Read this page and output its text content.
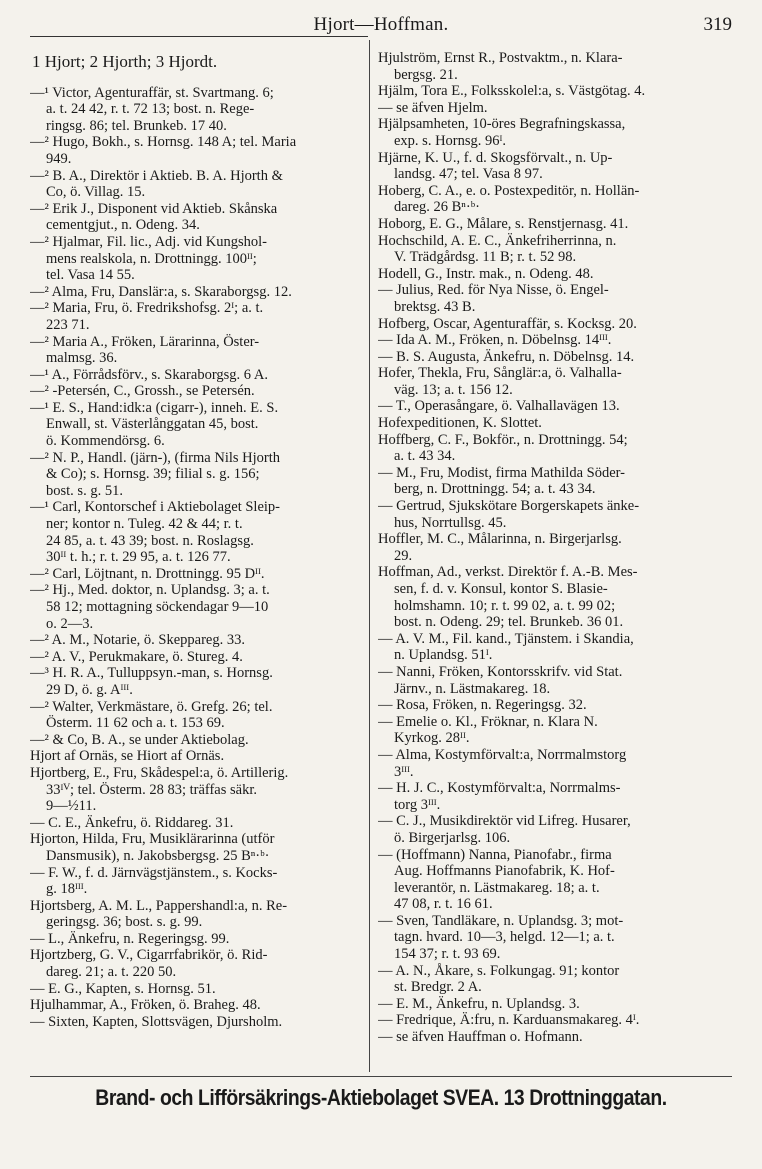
Hjort—Hoffman.	319
1 Hjort; 2 Hjorth; 3 Hjordt.
—¹ Victor, Agenturaffär, st. Svartmang. 6;
a. t. 24 42, r. t. 72 13; bost. n. Rege-
ringsg. 86; tel. Brunkeb. 17 40.
—² Hugo, Bokh., s. Hornsg. 148 A; tel. Maria
949.
—² B. A., Direktör i Aktieb. B. A. Hjorth &
Co, ö. Villag. 15.
—² Erik J., Disponent vid Aktieb. Skånska
cementgjut., n. Odeng. 34.
—² Hjalmar, Fil. lic., Adj. vid Kungshol-
mens realskola, n. Drottningg. 100ᴵᴵ;
tel. Vasa 14 55.
—² Alma, Fru, Danslär:a, s. Skaraborgsg. 12.
—² Maria, Fru, ö. Fredrikshofsg. 2ᴵ; a. t.
223 71.
—² Maria A., Fröken, Lärarinna, Öster-
malmsg. 36.
—¹ A., Förrådsförv., s. Skaraborgsg. 6 A.
—² -Petersén, C., Grossh., se Petersén.
—¹ E. S., Hand:idk:a (cigarr-), inneh. E. S.
Enwall, st. Västerlånggatan 45, bost.
ö. Kommendörsg. 6.
—² N. P., Handl. (järn-), (firma Nils Hjorth
& Co); s. Hornsg. 39; filial s. g. 156;
bost. s. g. 51.
—¹ Carl, Kontorschef i Aktiebolaget Sleip-
ner; kontor n. Tuleg. 42 & 44; r. t.
24 85, a. t. 43 39; bost. n. Roslagsg.
30ᴵᴵ t. h.; r. t. 29 95, a. t. 126 77.
—² Carl, Löjtnant, n. Drottningg. 95 Dᴵᴵ.
—² Hj., Med. doktor, n. Uplandsg. 3; a. t.
58 12; mottagning söckendagar 9—10
o. 2—3.
—² A. M., Notarie, ö. Skeppareg. 33.
—² A. V., Perukmakare, ö. Stureg. 4.
—³ H. R. A., Tulluppsyn.-man, s. Hornsg.
29 D, ö. g. Aᴵᴵᴵ.
—² Walter, Verkmästare, ö. Grefg. 26; tel.
Österm. 11 62 och a. t. 153 69.
—² & Co, B. A., se under Aktiebolag.
Hjort af Ornäs, se Hiort af Ornäs.
Hjortberg, E., Fru, Skådespel:a, ö. Artillerig.
33ᴵⱽ; tel. Österm. 28 83; träffas säkr.
9—½11.
— C. E., Änkefru, ö. Riddareg. 31.
Hjorton, Hilda, Fru, Musiklärarinna (utför
Dansmusik), n. Jakobsbergsg. 25 Bⁿ·ᵇ·
— F. W., f. d. Järnvägstjänstem., s. Kocks-
g. 18ᴵᴵᴵ.
Hjortsberg, A. M. L., Pappershandl:a, n. Re-
geringsg. 36; bost. s. g. 99.
— L., Änkefru, n. Regeringsg. 99.
Hjortzberg, G. V., Cigarrfabrikör, ö. Rid-
dareg. 21; a. t. 220 50.
— E. G., Kapten, s. Hornsg. 51.
Hjulhammar, A., Fröken, ö. Braheg. 48.
— Sixten, Kapten, Slottsvägen, Djursholm.
Hjulström, Ernst R., Postvaktm., n. Klara-
bergsg. 21.
Hjälm, Tora E., Folksskolel:a, s. Västgötag. 4.
— se äfven Hjelm.
Hjälpsamheten, 10-öres Begrafningskassa,
exp. s. Hornsg. 96ᴵ.
Hjärne, K. U., f. d. Skogsförvalt., n. Up-
landsg. 47; tel. Vasa 8 97.
Hoberg, C. A., e. o. Postexpeditör, n. Hollän-
dareg. 26 Bⁿ·ᵇ·
Hoborg, E. G., Målare, s. Renstjernasg. 41.
Hochschild, A. E. C., Änkefriherrinna, n.
V. Trädgårdsg. 11 B; r. t. 52 98.
Hodell, G., Instr. mak., n. Odeng. 48.
— Julius, Red. för Nya Nisse, ö. Engel-
brektsg. 43 B.
Hofberg, Oscar, Agenturaffär, s. Kocksg. 20.
— Ida A. M., Fröken, n. Döbelnsg. 14ᴵᴵᴵ.
— B. S. Augusta, Änkefru, n. Döbelnsg. 14.
Hofer, Thekla, Fru, Sånglär:a, ö. Valhalla-
väg. 13; a. t. 156 12.
— T., Operasångare, ö. Valhallavägen 13.
Hofexpeditionen, K. Slottet.
Hoffberg, C. F., Bokför., n. Drottningg. 54;
a. t. 43 34.
— M., Fru, Modist, firma Mathilda Söder-
berg, n. Drottningg. 54; a. t. 43 34.
— Gertrud, Sjukskötare Borgerskapets änke-
hus, Norrtullsg. 45.
Hoffler, M. C., Målarinna, n. Birgerjarlsg.
29.
Hoffman, Ad., verkst. Direktör f. A.-B. Mes-
sen, f. d. v. Konsul, kontor S. Blasie-
holmshamn. 10; r. t. 99 02, a. t. 99 02;
bost. n. Odeng. 29; tel. Brunkeb. 36 01.
— A. V. M., Fil. kand., Tjänstem. i Skandia,
n. Uplandsg. 51ᴵ.
— Nanni, Fröken, Kontorsskrifv. vid Stat.
Järnv., n. Lästmakareg. 18.
— Rosa, Fröken, n. Regeringsg. 32.
— Emelie o. Kl., Fröknar, n. Klara N.
Kyrkog. 28ᴵᴵ.
— Alma, Kostymförvalt:a, Norrmalmstorg
3ᴵᴵᴵ.
— H. J. C., Kostymförvalt:a, Norrmalms-
torg 3ᴵᴵᴵ.
— C. J., Musikdirektör vid Lifreg. Husarer,
ö. Birgerjarlsg. 106.
— (Hoffmann) Nanna, Pianofabr., firma
Aug. Hoffmanns Pianofabrik, K. Hof-
leverantör, n. Lästmakareg. 18; a. t.
47 08, r. t. 16 61.
— Sven, Tandläkare, n. Uplandsg. 3; mot-
tagn. hvard. 10—3, helgd. 12—1; a. t.
154 37; r. t. 93 69.
— A. N., Åkare, s. Folkungag. 91; kontor
st. Bredgr. 2 A.
— E. M., Änkefru, n. Uplandsg. 3.
— Fredrique, Ä:fru, n. Karduansmakareg. 4ᴵ.
— se äfven Hauffman o. Hofmann.
Brand- och Lifförsäkrings-Aktiebolaget SVEA. 13 Drottninggatan.
